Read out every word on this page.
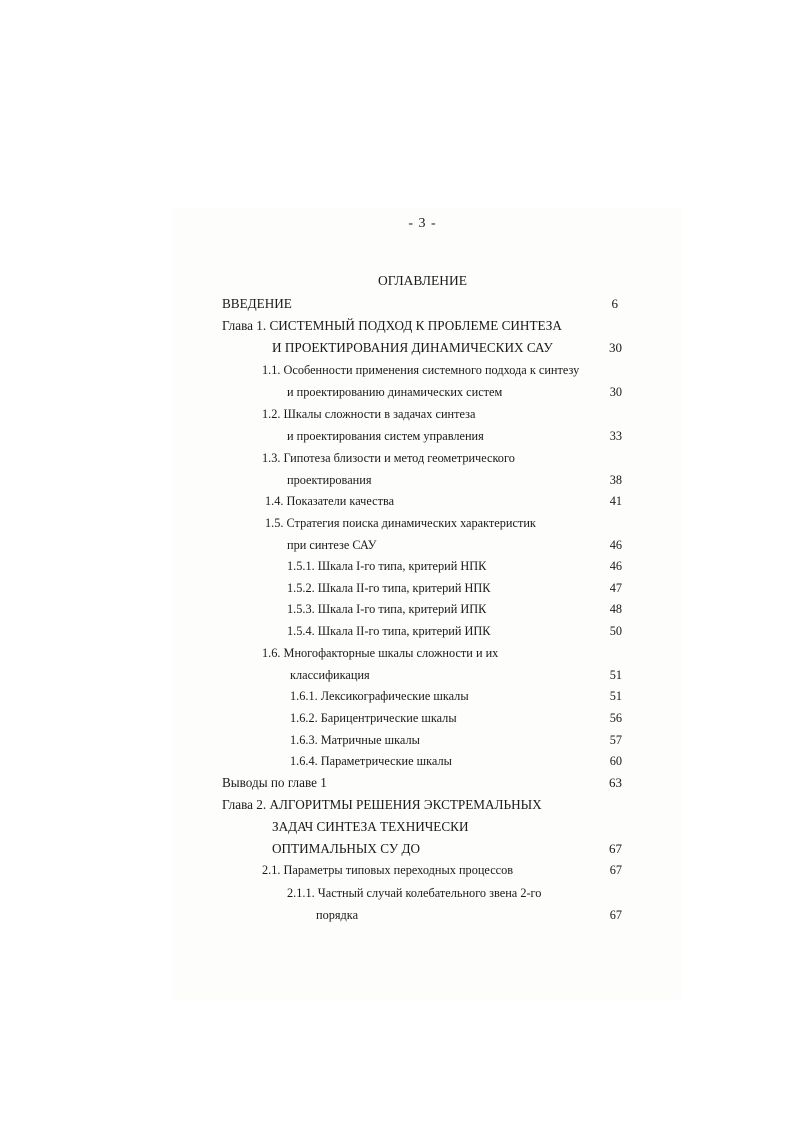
- 3 -
ОГЛАВЛЕНИЕ
ВВЕДЕНИЕ	6
Глава 1. СИСТЕМНЫЙ ПОДХОД К ПРОБЛЕМЕ СИНТЕЗА
И ПРОЕКТИРОВАНИЯ ДИНАМИЧЕСКИХ САУ	30
1.1. Особенности применения системного подхода к синтезу
и проектированию динамических систем	30
1.2. Шкалы сложности в задачах синтеза
и проектирования систем управления	33
1.3. Гипотеза близости и метод геометрического
проектирования	38
1.4. Показатели качества	41
1.5. Стратегия поиска динамических характеристик
при синтезе САУ	46
1.5.1. Шкала I-го типа, критерий НПК	46
1.5.2. Шкала II-го типа, критерий НПК	47
1.5.3. Шкала I-го типа, критерий ИПК	48
1.5.4. Шкала II-го типа, критерий ИПК	50
1.6. Многофакторные шкалы сложности и их
классификация	51
1.6.1. Лексикографические шкалы	51
1.6.2. Барицентрические шкалы	56
1.6.3. Матричные шкалы	57
1.6.4. Параметрические шкалы	60
Выводы по главе 1	63
Глава 2. АЛГОРИТМЫ РЕШЕНИЯ ЭКСТРЕМАЛЬНЫХ
ЗАДАЧ СИНТЕЗА ТЕХНИЧЕСКИ
ОПТИМАЛЬНЫХ СУ ДО	67
2.1. Параметры типовых переходных процессов	67
2.1.1. Частный случай колебательного звена 2-го
порядка	67
